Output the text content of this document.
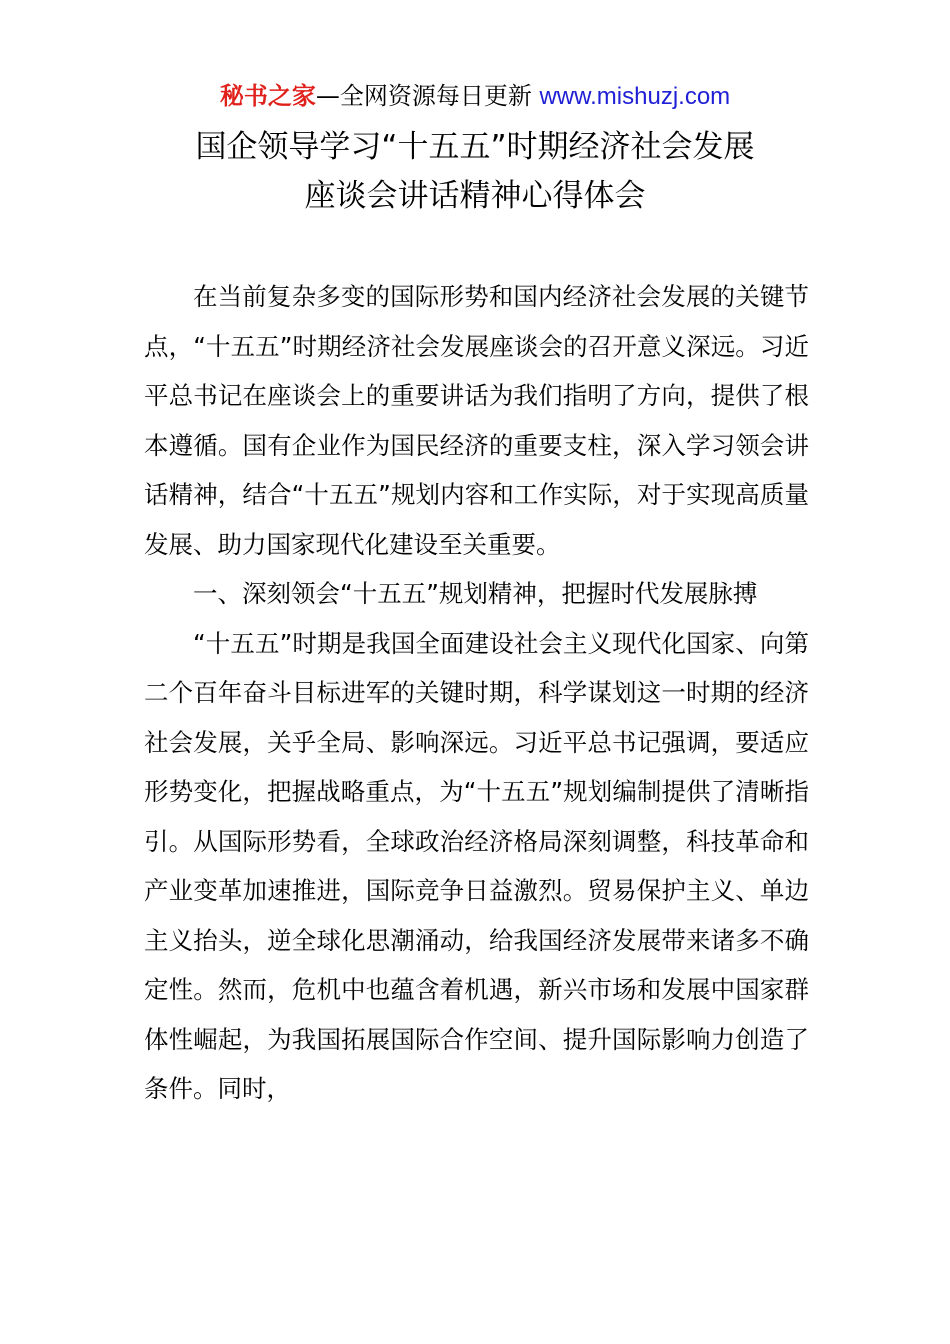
秘书之家—全网资源每日更新 www.mishuzj.com
国企领导学习“十五五”时期经济社会发展
座谈会讲话精神心得体会

在当前复杂多变的国际形势和国内经济社会发展的关键节点，“十五五”时期经济社会发展座谈会的召开意义深远。习近平总书记在座谈会上的重要讲话为我们指明了方向，提供了根本遵循。国有企业作为国民经济的重要支柱，深入学习领会讲话精神，结合“十五五”规划内容和工作实际，对于实现高质量发展、助力国家现代化建设至关重要。

一、深刻领会“十五五”规划精神，把握时代发展脉搏

“十五五”时期是我国全面建设社会主义现代化国家、向第二个百年奋斗目标进军的关键时期，科学谋划这一时期的经济社会发展，关乎全局、影响深远。习近平总书记强调，要适应形势变化，把握战略重点，为“十五五”规划编制提供了清晰指引。从国际形势看，全球政治经济格局深刻调整，科技革命和产业变革加速推进，国际竞争日益激烈。贸易保护主义、单边主义抬头，逆全球化思潮涌动，给我国经济发展带来诸多不确定性。然而，危机中也蕴含着机遇，新兴市场和发展中国家群体性崛起，为我国拓展国际合作空间、提升国际影响力创造了条件。同时，
